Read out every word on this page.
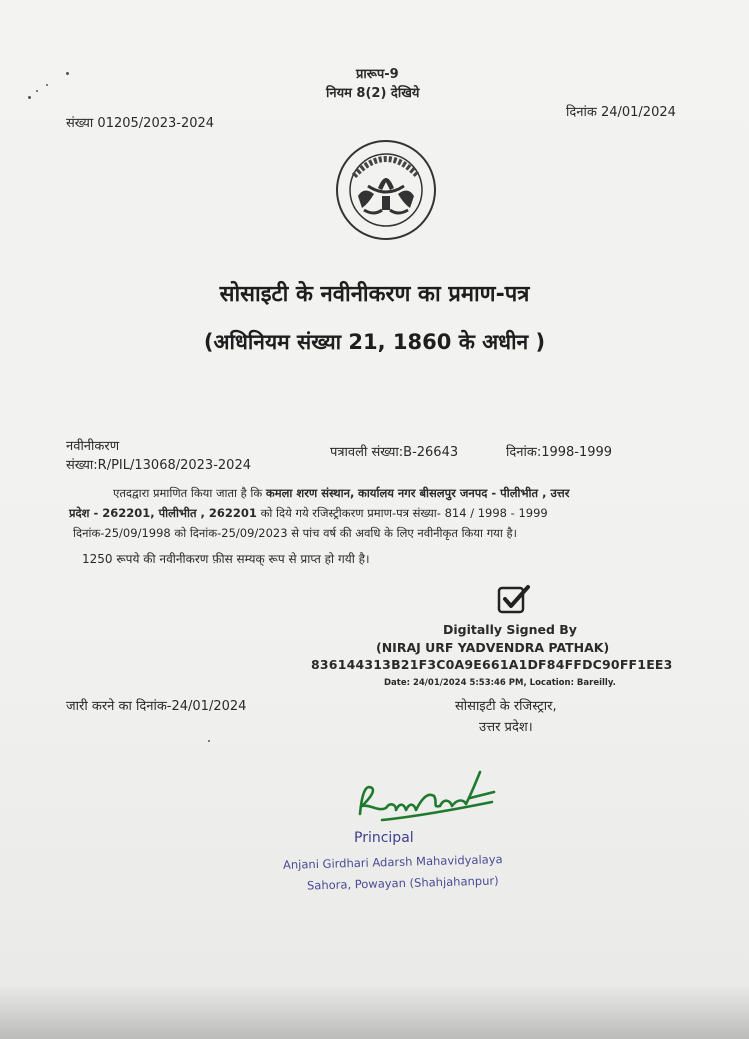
प्रारूप-9
नियम 8(2) देखिये
संख्या 01205/2023-2024
दिनांक 24/01/2024
सोसाइटी के नवीनीकरण का प्रमाण-पत्र
(अधिनियम संख्या 21, 1860 के अधीन )
नवीनीकरण
संख्या:R/PIL/13068/2023-2024
पत्रावली संख्या:B-26643	दिनांक:1998-1999
एतदद्वारा प्रमाणित किया जाता है कि कमला शरण संस्थान, कार्यालय नगर बीसलपुर जनपद - पीलीभीत , उत्तर
प्रदेश - 262201, पीलीभीत , 262201 को दिये गये रजिस्ट्रीकरण प्रमाण-पत्र संख्या- 814 / 1998 - 1999
दिनांक-25/09/1998 को दिनांक-25/09/2023 से पांच वर्ष की अवधि के लिए नवीनीकृत किया गया है।
1250 रूपये की नवीनीकरण फ़ीस सम्यक् रूप से प्राप्त हो गयी है।
Digitally Signed By
(NIRAJ URF YADVENDRA PATHAK)
836144313B21F3C0A9E661A1DF84FFDC90FF1EE3
Date: 24/01/2024 5:53:46 PM, Location: Bareilly.
जारी करने का दिनांक-24/01/2024	सोसाइटी के रजिस्ट्रार,
उत्तर प्रदेश।
Principal
Anjani Girdhari Adarsh Mahavidyalaya
Sahora, Powayan (Shahjahanpur)
